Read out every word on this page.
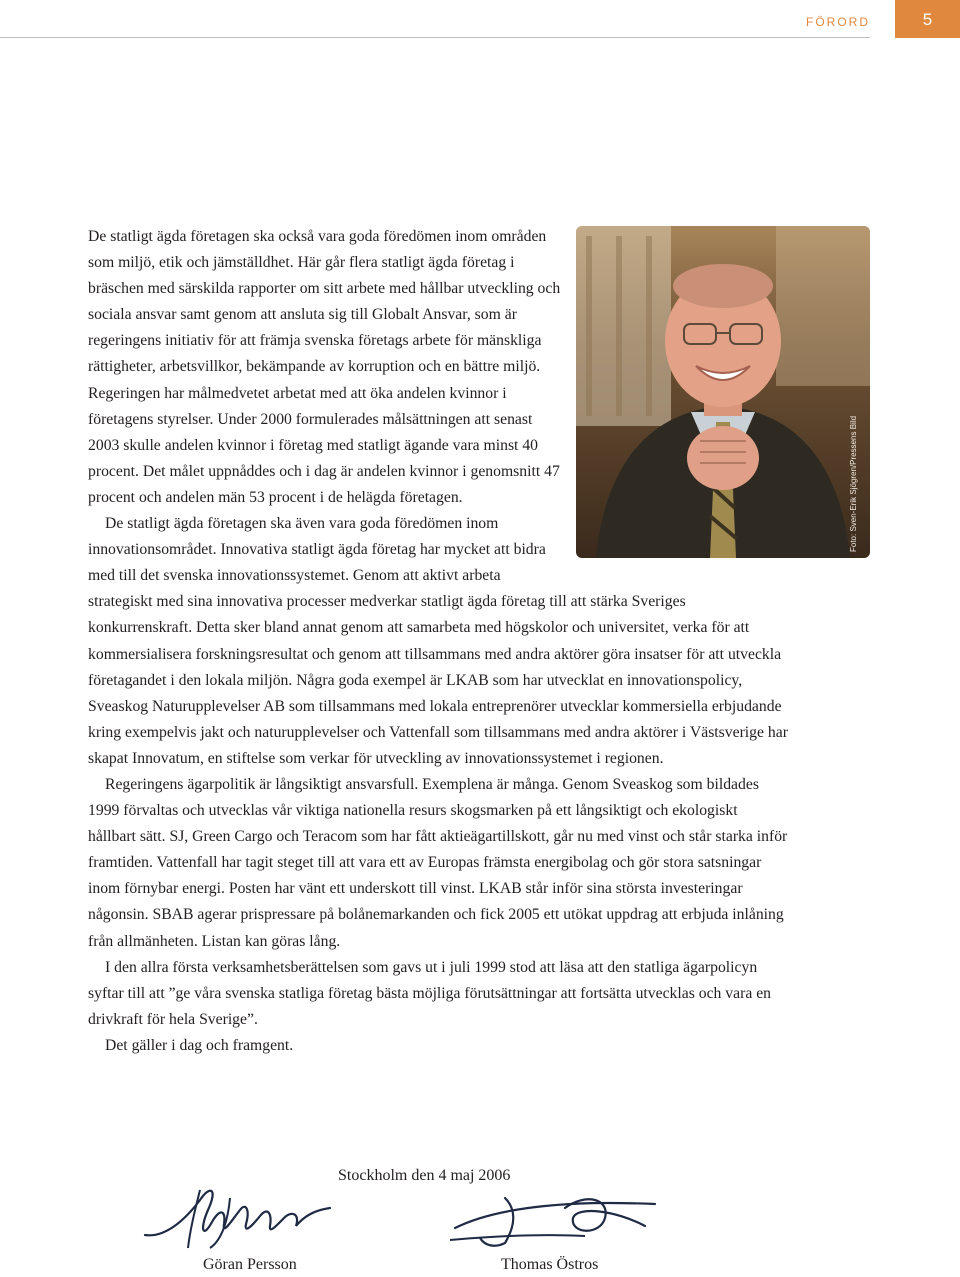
FÖRORD	5
Foto: Sven-Erik Sjögren/Pressens Bild

De statligt ägda företagen ska också vara goda föredömen inom områden som miljö, etik och jämställdhet. Här går flera statligt ägda företag i bräschen med särskilda rapporter om sitt arbete med hållbar utveckling och sociala ansvar samt genom att ansluta sig till Globalt Ansvar, som är regeringens initiativ för att främja svenska företags arbete för mänskliga rättigheter, arbetsvillkor, bekämpande av korruption och en bättre miljö. Regeringen har målmedvetet arbetat med att öka andelen kvinnor i företagens styrelser. Under 2000 formulerades målsättningen att senast 2003 skulle andelen kvinnor i företag med statligt ägande vara minst 40 procent. Det målet uppnåddes och i dag är andelen kvinnor i genomsnitt 47 procent och andelen män 53 procent i de helägda företagen.

De statligt ägda företagen ska även vara goda föredömen inom innovationsområdet. Innovativa statligt ägda företag har mycket att bidra med till det svenska innovationssystemet. Genom att aktivt arbeta strategiskt med sina innovativa processer medverkar statligt ägda företag till att stärka Sveriges konkurrenskraft. Detta sker bland annat genom att samarbeta med högskolor och universitet, verka för att kommersialisera forskningsresultat och genom att tillsammans med andra aktörer göra insatser för att utveckla företagandet i den lokala miljön. Några goda exempel är LKAB som har utvecklat en innovationspolicy, Sveaskog Naturupplevelser AB som tillsammans med lokala entreprenörer utvecklar kommersiella erbjudande kring exempelvis jakt och naturupplevelser och Vattenfall som tillsammans med andra aktörer i Västsverige har skapat Innovatum, en stiftelse som verkar för utveckling av innovationssystemet i regionen.

Regeringens ägarpolitik är långsiktigt ansvarsfull. Exemplena är många. Genom Sveaskog som bildades 1999 förvaltas och utvecklas vår viktiga nationella resurs skogsmarken på ett långsiktigt och ekologiskt hållbart sätt. SJ, Green Cargo och Teracom som har fått aktieägartillskott, går nu med vinst och står starka inför framtiden. Vattenfall har tagit steget till att vara ett av Europas främsta energibolag och gör stora satsningar inom förnybar energi. Posten har vänt ett underskott till vinst. LKAB står inför sina största investeringar någonsin. SBAB agerar prispressare på bolånemarkanden och fick 2005 ett utökat uppdrag att erbjuda inlåning från allmänheten. Listan kan göras lång.

I den allra första verksamhetsberättelsen som gavs ut i juli 1999 stod att läsa att den statliga ägarpolicyn syftar till att ”ge våra svenska statliga företag bästa möjliga förutsättningar att fortsätta utvecklas och vara en drivkraft för hela Sverige”.

Det gäller i dag och framgent.

Stockholm den 4 maj 2006
Göran Persson	Thomas Östros
